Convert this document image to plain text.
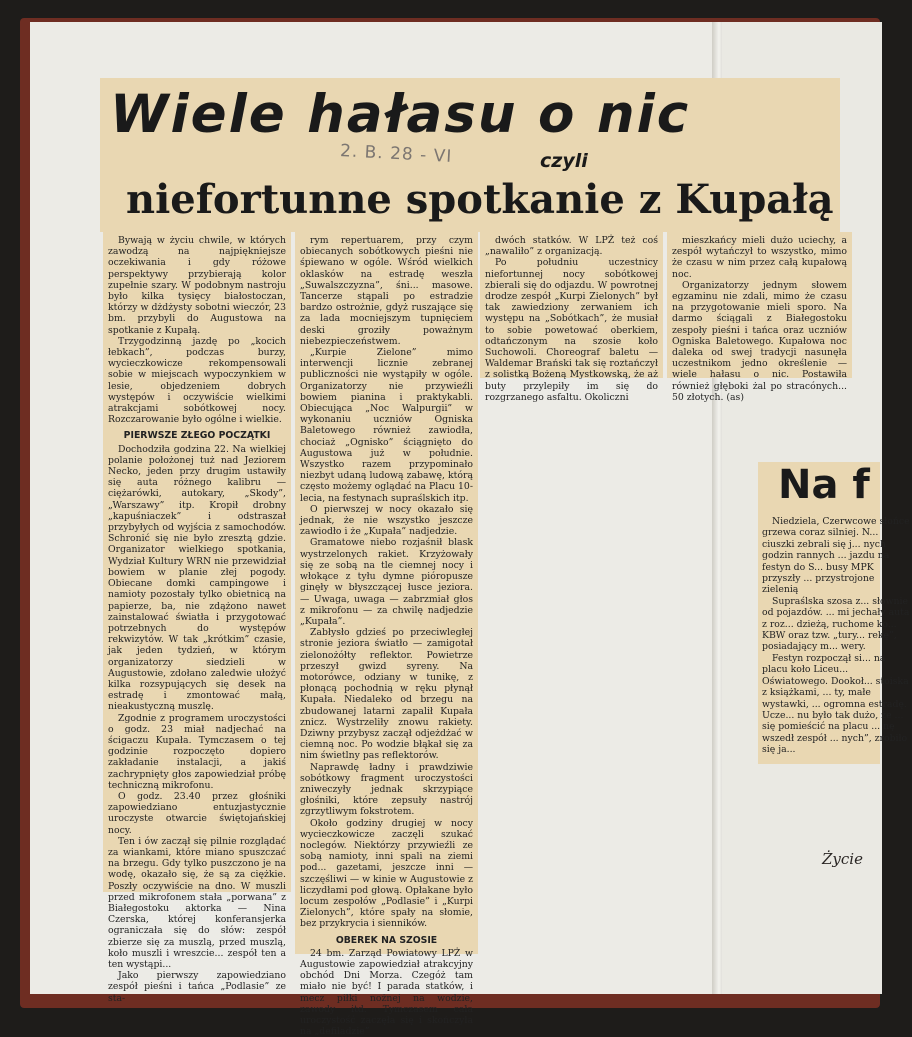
Wiele hałasu o nic
2. B. 28 - VI	czyli
niefortunne spotkanie z Kupałą

Bywają w życiu chwile, w których zawodzą na najpiękniejsze oczekiwania i gdy różowe perspektywy przybierają kolor zupełnie szary. W podobnym nastroju było kilka tysięcy białostoczan, którzy w dżdżysty sobotni wieczór, 23 bm. przybyli do Augustowa na spotkanie z Kupałą.

Trzygodzinną jazdę po „kocich łebkach”, podczas burzy, wycieczkowicze rekompensowali sobie w miejscach wypoczynkiem w lesie, objedzeniem dobrych występów i oczywiście wielkimi atrakcjami sobótkowej nocy. Rozczarowanie było ogólne i wielkie.

PIERWSZE ZŁEGO POCZĄTKI

Dochodziła godzina 22. Na wielkiej polanie położonej tuż nad Jeziorem Necko, jeden przy drugim ustawiły się auta różnego kalibru — ciężarówki, autokary, „Skody”, „Warszawy” itp. Kropił drobny „kapuśniaczek” i odstraszał przybyłych od wyjścia z samochodów. Schronić się nie było zresztą gdzie. Organizator wielkiego spotkania, Wydział Kultury WRN nie przewidział bowiem w planie złej pogody. Obiecane domki campingowe i namioty pozostały tylko obietnicą na papierze, ba, nie zdążono nawet zainstalować światła i przygotować potrzebnych do występów rekwizytów. W tak „krótkim” czasie, jak jeden tydzień, w którym organizatorzy siedzieli w Augustowie, zdołano zaledwie ułożyć kilka rozsypujących się desek na estradę i zmontować małą, nieakustyczną muszlę.

Zgodnie z programem uroczystości o godz. 23 miał nadjechać na ścigaczu Kupała. Tymczasem o tej godzinie rozpoczęto dopiero zakładanie instalacji, a jakiś zachrypnięty głos zapowiedział próbę techniczną mikrofonu.

O godz. 23.40 przez głośniki zapowiedziano entuzjastycznie uroczyste otwarcie świętojańskiej nocy.

Ten i ów zaczął się pilnie rozglądać za wiankami, które miano spuszczać na brzegu. Gdy tylko puszczono je na wodę, okazało się, że są za ciężkie. Poszły oczywiście na dno. W muszli przed mikrofonem stała „porwana” z Białegostoku aktorka — Nina Czerska, której konferansjerka ograniczała się do słów: zespół zbierze się za muszlą, przed muszlą, koło muszli i wreszcie... zespół ten a ten wystąpi...

Jako pierwszy zapowiedziano zespół pieśni i tańca „Podlasie” ze sta-

rym repertuarem, przy czym obiecanych sobótkowych pieśni nie śpiewano w ogóle. Wśród wielkich oklasków na estradę weszła „Suwalszczyzna”, śni... masowe. Tancerze stąpali po estradzie bardzo ostrożnie, gdyż ruszające się za lada mocniejszym tupnięciem deski groziły poważnym niebezpieczeństwem.

„Kurpie Zielone” mimo interwencji licznie zebranej publiczności nie wystąpiły w ogóle. Organizatorzy nie przywieźli bowiem pianina i praktykabli. Obiecująca „Noc Walpurgii” w wykonaniu uczniów Ogniska Baletowego również zawiodła, chociaż „Ognisko” ściągnięto do Augustowa już w południe. Wszystko razem przypominało niezbyt udaną ludową zabawę, którą często możemy oglądać na Placu 10-lecia, na festynach supraślskich itp.

O pierwszej w nocy okazało się jednak, że nie wszystko jeszcze zawiodło i że „Kupała” nadjedzie.

Gramatowe niebo rozjaśnił blask wystrzelonych rakiet. Krzyżowały się ze sobą na tle ciemnej nocy i włokące z tyłu dymne pióropusze ginęły w błyszczącej łusce jeziora. — Uwaga, uwaga — zabrzmiał głos z mikrofonu — za chwilę nadjedzie „Kupała”.

Zabłysło gdzieś po przeciwległej stronie jeziora światło — zamigotał zielonożółty reflektor. Powietrze przeszył gwizd syreny. Na motorówce, odziany w tunikę, z płonącą pochodnią w ręku płynął Kupała. Niedaleko od brzegu na zbudowanej latarni zapalił Kupała znicz. Wystrzeliły znowu rakiety. Dziwny przybysz zaczął odjeżdżać w ciemną noc. Po wodzie błąkał się za nim świetlny pas reflektorów.

Naprawdę ładny i prawdziwie sobótkowy fragment uroczystości zniweczyły jednak skrzypiące głośniki, które zepsuły nastrój zgrzytliwym fokstrotem.

Około godziny drugiej w nocy wycieczkowicze zaczęli szukać noclegów. Niektórzy przywieźli ze sobą namioty, inni spali na ziemi pod... gazetami, jeszcze inni — szczęśliwi — w kinie w Augustowie z liczydłami pod głową. Opłakane było locum zespołów „Podlasie” i „Kurpi Zielonych”, które spały na słomie, bez przykrycia i sienników.

OBEREK NA SZOSIE

24 bm. Zarząd Powiatowy LPŻ w Augustowie zapowiedział atrakcyjny obchód Dni Morza. Czegóż tam miało nie być! I parada statków, i mecz piłki nożnej na wodzie, zawody itd. Tymczasem cała uroczystość zaczęła się i skończyła na „defiladzie”

dwóch statków. W LPŻ też coś „nawaliło” z organizacją.

Po południu uczestnicy niefortunnej nocy sobótkowej zbierali się do odjazdu. W powrotnej drodze zespół „Kurpi Zielonych” był tak zawiedziony zerwaniem ich występu na „Sobótkach”, że musiał to sobie powetować oberkiem, odtańczonym na szosie koło Suchowoli. Choreograf baletu — Waldemar Brański tak się roztańczył z solistką Bożeną Mystkowską, że aż buty przylepiły im się do rozgrzanego asfaltu. Okoliczni

mieszkańcy mieli dużo uciechy, a zespół wytańczył to wszystko, mimo że czasu w nim przez całą kupałową noc.

Organizatorzy jednym słowem egzaminu nie zdali, mimo że czasu na przygotowanie mieli sporo. Na darmo ściągali z Białegostoku zespoły pieśni i tańca oraz uczniów Ogniska Baletowego. Kupałowa noc daleka od swej tradycji nasunęła uczestnikom jedno określenie — wiele hałasu o nic. Postawiła również głęboki żal po stracónych... 50 złotych. (as)

Na f

Niedziela, Czerwcowe słońce grzewa coraz silniej. N... ciuszki zebrali się j... nych godzin rannych ... jazdu na festyn do S... busy MPK przyszły ... przystrojone zielenią

Supraślska szosa z... słownie od pojazdów. ... mi jechały auta z roz... dzieżą, ruchome ko... KBW oraz tzw. „tury... rekę”, posiadający m... wery.

Festyn rozpoczął si... na placu koło Liceu... Oświatowego. Dookoł... stoiska z książkami, ... ty, małe wystawki, ... ogromna estradę. Ucze... nu było tak dużo, że ... się pomieścić na placu ... nę wszedł zespół ... nych”, zrobiło się ja...

Życie
